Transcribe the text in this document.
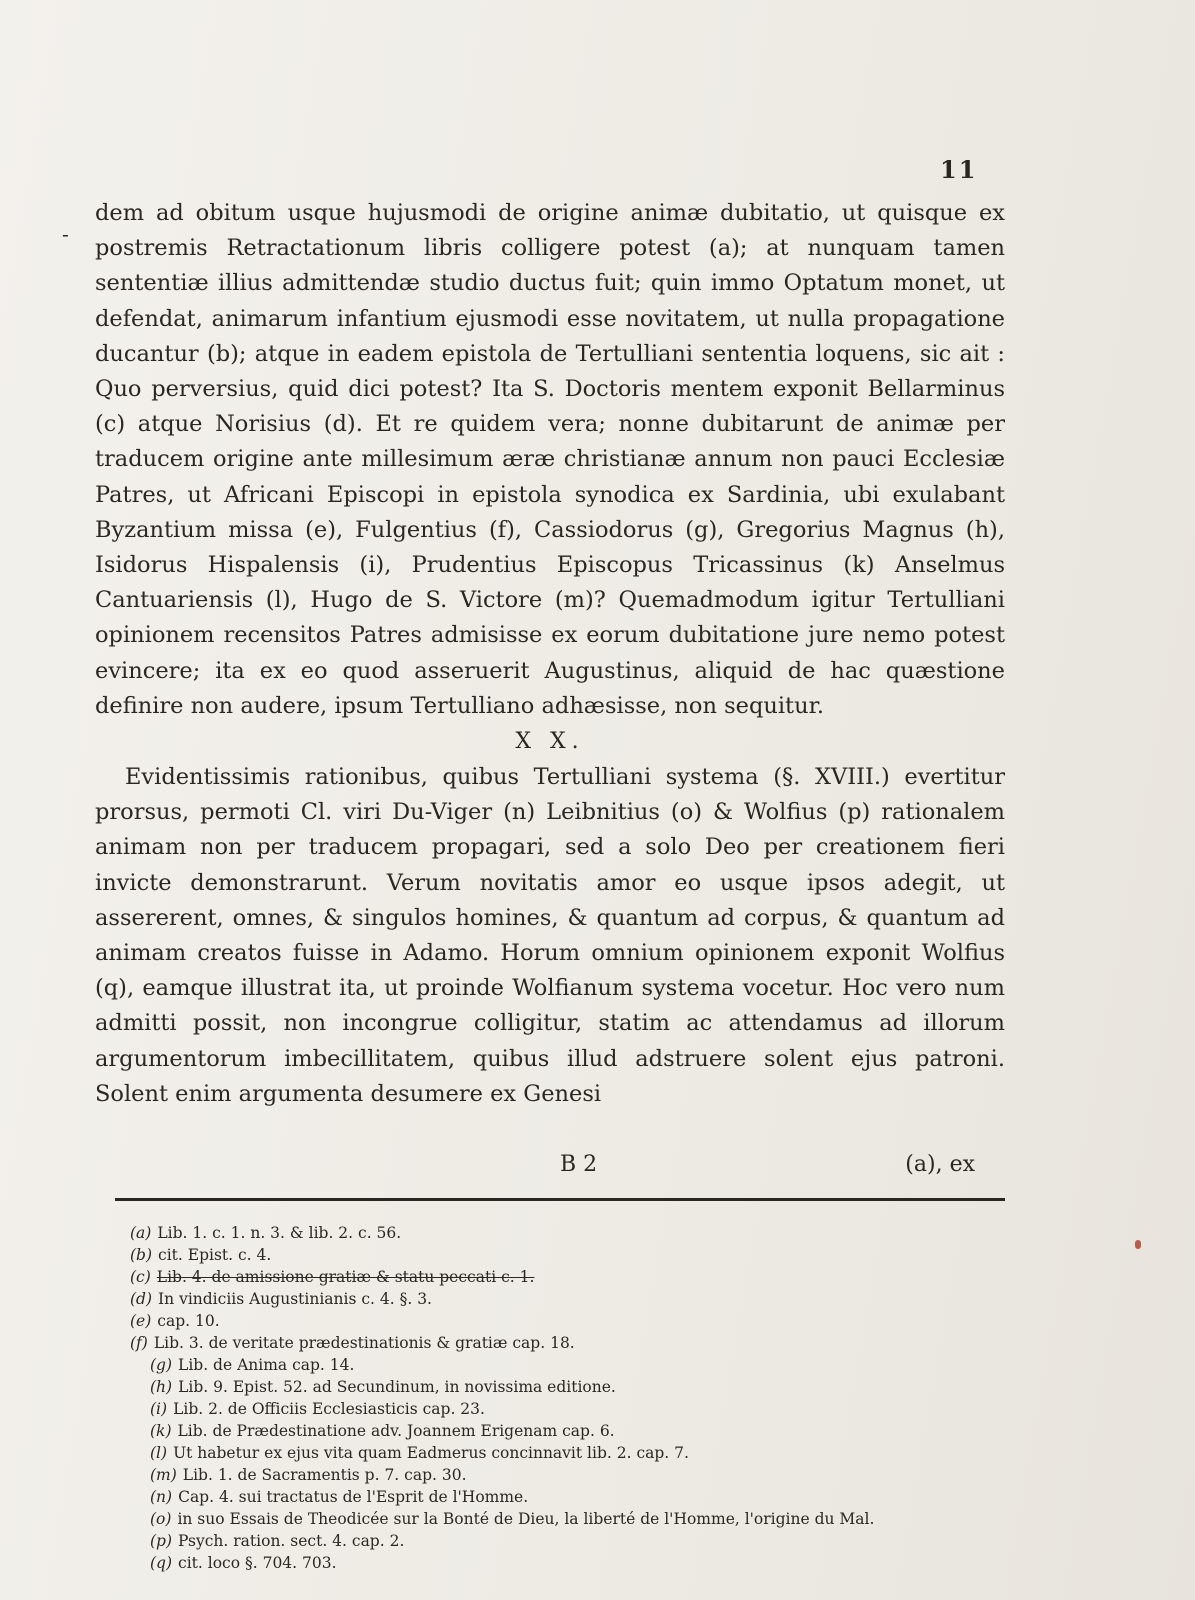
-
11

dem ad obitum usque hujusmodi de origine animæ dubitatio, ut quisque ex postremis Retractationum libris colligere potest (a); at nunquam tamen sententiæ illius admittendæ studio ductus fuit; quin immo Optatum monet, ut defendat, animarum infantium ejusmodi esse novitatem, ut nulla propagatione ducantur (b); atque in eadem epistola de Tertulliani sententia loquens, sic ait : Quo perversius, quid dici potest? Ita S. Doctoris mentem exponit Bellarminus (c) atque Norisius (d). Et re quidem vera; nonne dubitarunt de animæ per traducem origine ante millesimum æræ christianæ annum non pauci Ecclesiæ Patres, ut Africani Episcopi in epistola synodica ex Sardinia, ubi exulabant Byzantium missa (e), Fulgentius (f), Cassiodorus (g), Gregorius Magnus (h), Isidorus Hispalensis (i), Prudentius Episcopus Tricassinus (k) Anselmus Cantuariensis (l), Hugo de S. Victore (m)? Quemadmodum igitur Tertulliani opinionem recensitos Patres admisisse ex eorum dubitatione jure nemo potest evincere; ita ex eo quod asseruerit Augustinus, aliquid de hac quæstione definire non audere, ipsum Tertulliano adhæsisse, non sequitur.

X X.

Evidentissimis rationibus, quibus Tertulliani systema (§. XVIII.) evertitur prorsus, permoti Cl. viri Du-Viger (n) Leibnitius (o) & Wolfius (p) rationalem animam non per traducem propagari, sed a solo Deo per creationem fieri invicte demonstrarunt. Verum novitatis amor eo usque ipsos adegit, ut assererent, omnes, & singulos homines, & quantum ad corpus, & quantum ad animam creatos fuisse in Adamo. Horum omnium opinionem exponit Wolfius (q), eamque illustrat ita, ut proinde Wolfianum systema vocetur. Hoc vero num admitti possit, non incongrue colligitur, statim ac attendamus ad illorum argumentorum imbecillitatem, quibus illud adstruere solent ejus patroni. Solent enim argumenta desumere ex Genesi

B 2	(a), ex

(a) Lib. 1. c. 1. n. 3. & lib. 2. c. 56.

(b) cit. Epist. c. 4.

(c) Lib. 4. de amissione gratiæ & statu peccati c. 1.

(d) In vindiciis Augustinianis c. 4. §. 3.

(e) cap. 10.

(f) Lib. 3. de veritate prædestinationis & gratiæ cap. 18.

(g) Lib. de Anima cap. 14.

(h) Lib. 9. Epist. 52. ad Secundinum, in novissima editione.

(i) Lib. 2. de Officiis Ecclesiasticis cap. 23.

(k) Lib. de Prædestinatione adv. Joannem Erigenam cap. 6.

(l) Ut habetur ex ejus vita quam Eadmerus concinnavit lib. 2. cap. 7.

(m) Lib. 1. de Sacramentis p. 7. cap. 30.

(n) Cap. 4. sui tractatus de l'Esprit de l'Homme.

(o) in suo Essais de Theodicée sur la Bonté de Dieu, la liberté de l'Homme, l'origine du Mal.

(p) Psych. ration. sect. 4. cap. 2.

(q) cit. loco §. 704. 703.
